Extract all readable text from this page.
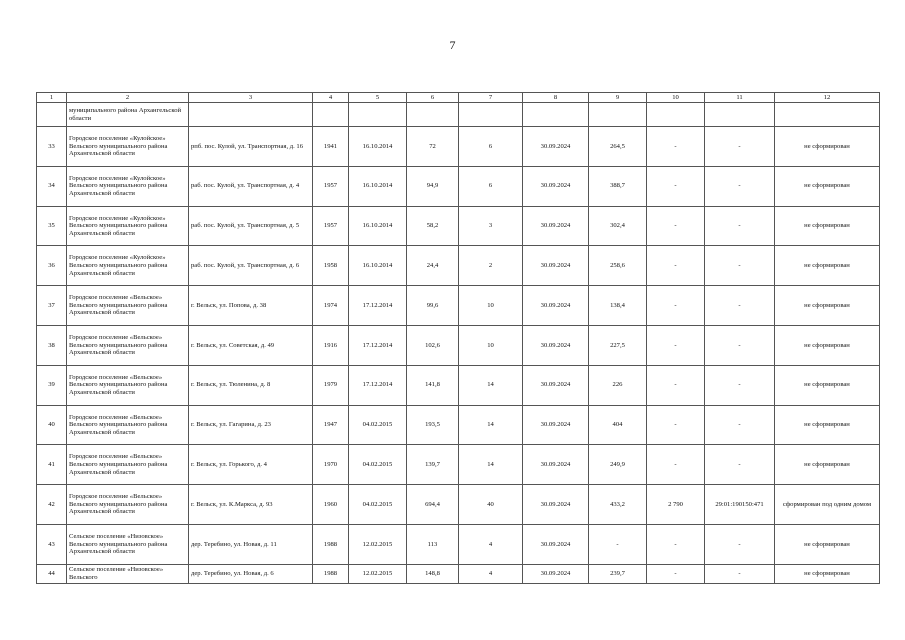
7
1	2	3	4	5	6	7	8	9	10	11	12
	муниципального района Архангельской области										
33	Городское поселение «Кулойское» Вельского муниципального района Архангельской области	рпб. пос. Кулой, ул. Транспортная, д. 16	1941	16.10.2014	72	6	30.09.2024	264,5	-	-	не сформирован
34	Городское поселение «Кулойское» Вельского муниципального района Архангельской области	раб. пос. Кулой, ул. Транспортная, д. 4	1957	16.10.2014	94,9	6	30.09.2024	388,7	-	-	не сформирован
35	Городское поселение «Кулойское» Вельского муниципального района Архангельской области	раб. пос. Кулой, ул. Транспортная, д. 5	1957	16.10.2014	58,2	3	30.09.2024	302,4	-	-	не сформирован
36	Городское поселение «Кулойское» Вельского муниципального района Архангельской области	раб. пос. Кулой, ул. Транспортная, д. 6	1958	16.10.2014	24,4	2	30.09.2024	258,6	-	-	не сформирован
37	Городское поселение «Вельское» Вельского муниципального района Архангельской области	г. Вельск, ул. Попова, д. 38	1974	17.12.2014	99,6	10	30.09.2024	138,4	-	-	не сформирован
38	Городское поселение «Вельское» Вельского муниципального района Архангельской области	г. Вельск, ул. Советская, д. 49	1916	17.12.2014	102,6	10	30.09.2024	227,5	-	-	не сформирован
39	Городское поселение «Вельское» Вельского муниципального района Архангельской области	г. Вельск, ул. Тюленина, д. 8	1979	17.12.2014	141,8	14	30.09.2024	226	-	-	не сформирован
40	Городское поселение «Вельское» Вельского муниципального района Архангельской области	г. Вельск, ул. Гагарина, д. 23	1947	04.02.2015	193,5	14	30.09.2024	404	-	-	не сформирован
41	Городское поселение «Вельское» Вельского муниципального района Архангельской области	г. Вельск, ул. Горького, д. 4	1970	04.02.2015	139,7	14	30.09.2024	249,9	-	-	не сформирован
42	Городское поселение «Вельское» Вельского муниципального района Архангельской области	г. Вельск, ул. К.Маркса, д. 93	1960	04.02.2015	694,4	40	30.09.2024	433,2	2 790	29:01:190150:471	сформирован под одним домом
43	Сельское поселение «Низовское» Вельского муниципального района Архангельской области	дер. Теребино, ул. Новая, д. 11	1988	12.02.2015	113	4	30.09.2024	-	-	-	не сформирован
44	Сельское поселение «Низовское» Вельского	дер. Теребино, ул. Новая, д. 6	1988	12.02.2015	148,8	4	30.09.2024	239,7	-	-	не сформирован
